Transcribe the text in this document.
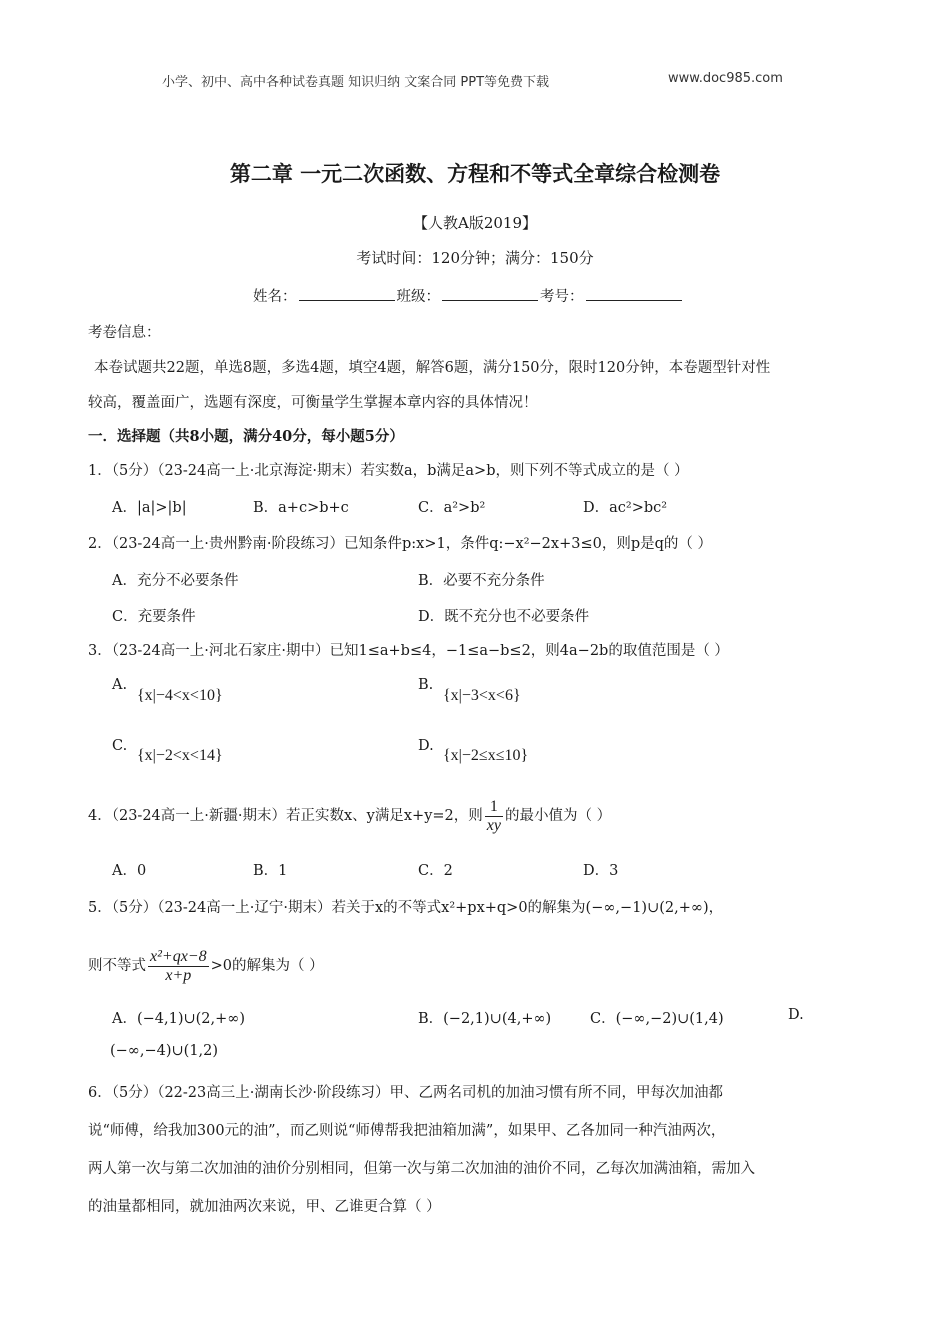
小学、初中、高中各种试卷真题 知识归纳 文案合同 PPT等免费下载	www.doc985.com
第二章 一元二次函数、方程和不等式全章综合检测卷
【人教A版2019】
考试时间：120分钟；满分：150分
姓名：	班级：	考号：
考卷信息：
本卷试题共22题，单选8题，多选4题，填空4题，解答6题，满分150分，限时120分钟，本卷题型针对性
较高，覆盖面广，选题有深度，可衡量学生掌握本章内容的具体情况！
一．选择题（共8小题，满分40分，每小题5分）
1．（5分）（23-24高一上·北京海淀·期末）若实数a，b满足a>b，则下列不等式成立的是（ ）
A．|a|>|b|	B．a+c>b+c	C．a²>b²	D．ac²>bc²
2．（23-24高一上·贵州黔南·阶段练习）已知条件p:x>1，条件q:−x²−2x+3≤0，则p是q的（ ）
A．充分不必要条件	B．必要不充分条件
C．充要条件	D．既不充分也不必要条件
3．（23-24高一上·河北石家庄·期中）已知1≤a+b≤4，−1≤a−b≤2，则4a−2b的取值范围是（ ）
A.
{x|−4<x<10}
B.
{x|−3<x<6}
C.
{x|−2<x<14}
D.
{x|−2≤x≤10}
4．（23-24高一上·新疆·期末）若正实数x、y满足x+y=2，则 $\frac{1}{xy}$ 的最小值为（ ）
A．0	B．1	C．2	D．3
5．（5分）（23-24高一上·辽宁·期末）若关于x的不等式x²+px+q>0的解集为(−∞,−1)∪(2,+∞)，
则不等式 $\frac{\text{x²+qx−8}}{x+p} >0$的解集为（ ）
A．(−4,1)∪(2,+∞)	B．(−2,1)∪(4,+∞)	C．(−∞,−2)∪(1,4)	D.
(−∞,−4)∪(1,2)
6．（5分）（22-23高三上·湖南长沙·阶段练习）甲、乙两名司机的加油习惯有所不同，甲每次加油都
说“师傅，给我加300元的油”，而乙则说“师傅帮我把油箱加满”，如果甲、乙各加同一种汽油两次，
两人第一次与第二次加油的油价分别相同，但第一次与第二次加油的油价不同，乙每次加满油箱，需加入
的油量都相同，就加油两次来说，甲、乙谁更合算（ ）
